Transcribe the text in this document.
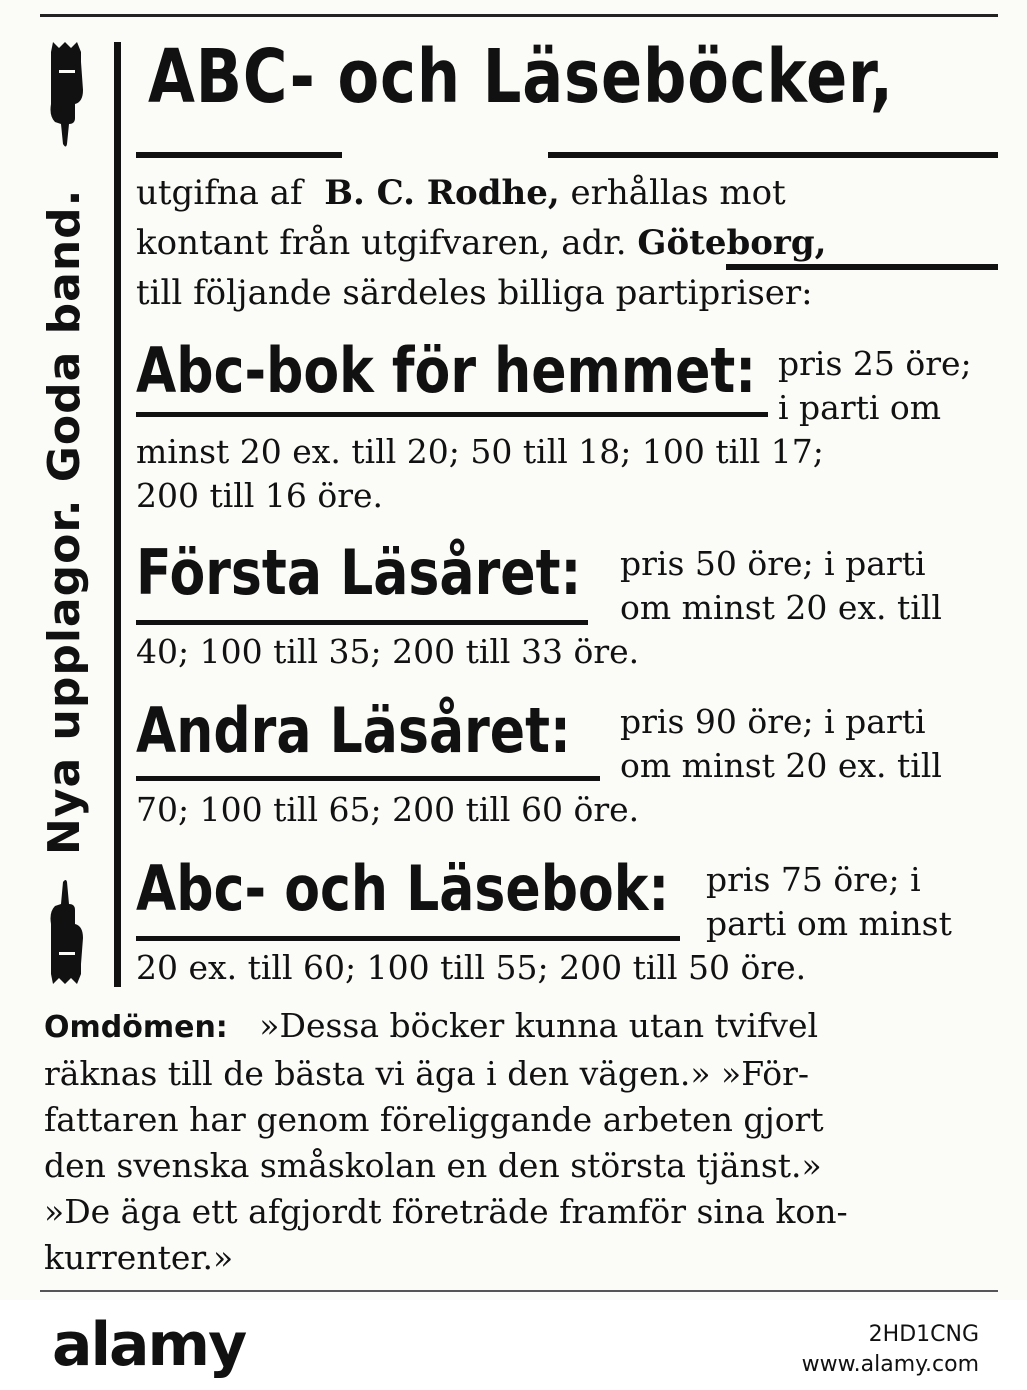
Nya upplagor. Goda band.
ABC- och Läseböcker,

utgifna af B. C. Rodhe, erhållas mot

kontant från utgifvaren, adr. Göteborg,

till följande särdeles billiga partipriser:

Abc-bok för hemmet: pris 25 öre;

i parti om

minst 20 ex. till 20; 50 till 18; 100 till 17;

200 till 16 öre.

Första Läsåret: pris 50 öre; i parti

om minst 20 ex. till

40; 100 till 35; 200 till 33 öre.

Andra Läsåret: pris 90 öre; i parti

om minst 20 ex. till

70; 100 till 65; 200 till 60 öre.

Abc- och Läsebok: pris 75 öre; i

parti om minst

20 ex. till 60; 100 till 55; 200 till 50 öre.

Omdömen: »Dessa böcker kunna utan tvifvel

räknas till de bästa vi äga i den vägen.» »För-

fattaren har genom föreliggande arbeten gjort

den svenska småskolan en den största tjänst.»

»De äga ett afgjordt företräde framför sina kon-

kurrenter.»

alamy	2HD1CNG
www.alamy.com
